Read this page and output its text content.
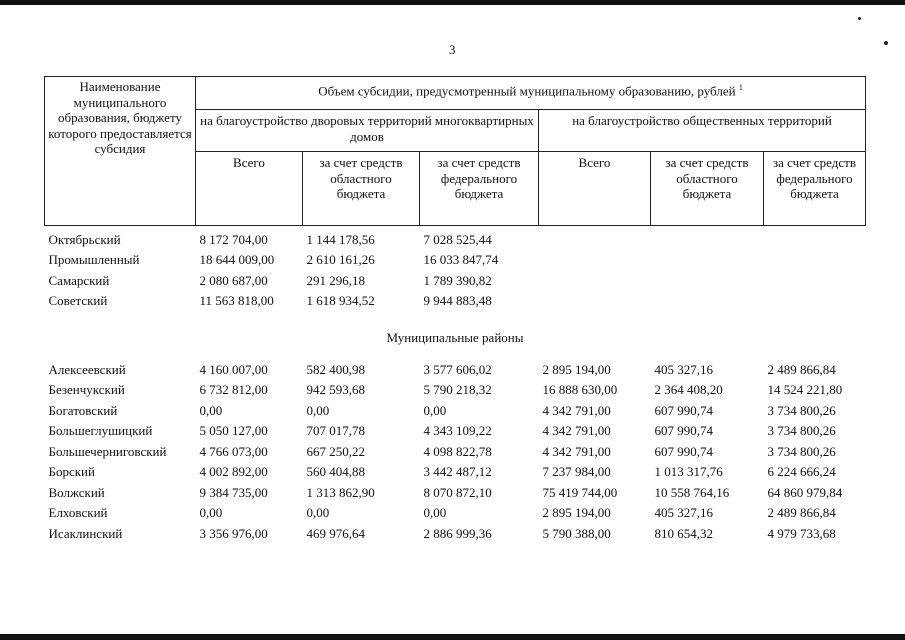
3
Наименование муниципального образования, бюджету которого предоставляется субсидия	Объем субсидии, предусмотренный муниципальному образованию, рублей $^1$
	на благоустройство дворовых территорий многоквартирных домов			на благоустройство общественных территорий		
	Всего	за счет средств областного бюджета	за счет средств федерального бюджета	Всего	за счет средств областного бюджета	за счет средств федерального бюджета
Октябрьский	8 172 704,00	1 144 178,56	7 028 525,44			
Промышленный	18 644 009,00	2 610 161,26	16 033 847,74			
Самарский	2 080 687,00	291 296,18	1 789 390,82			
Советский	11 563 818,00	1 618 934,52	9 944 883,48			
Муниципальные районы						

Алексеевский	4 160 007,00	582 400,98	3 577 606,02	2 895 194,00	405 327,16	2 489 866,84
Безенчукский	6 732 812,00	942 593,68	5 790 218,32	16 888 630,00	2 364 408,20	14 524 221,80
Богатовский	0,00	0,00	0,00	4 342 791,00	607 990,74	3 734 800,26
Большеглушицкий	5 050 127,00	707 017,78	4 343 109,22	4 342 791,00	607 990,74	3 734 800,26
Большечерниговский	4 766 073,00	667 250,22	4 098 822,78	4 342 791,00	607 990,74	3 734 800,26
Борский	4 002 892,00	560 404,88	3 442 487,12	7 237 984,00	1 013 317,76	6 224 666,24
Волжский	9 384 735,00	1 313 862,90	8 070 872,10	75 419 744,00	10 558 764,16	64 860 979,84
Елховский	0,00	0,00	0,00	2 895 194,00	405 327,16	2 489 866,84
Исаклинский	3 356 976,00	469 976,64	2 886 999,36	5 790 388,00	810 654,32	4 979 733,68
